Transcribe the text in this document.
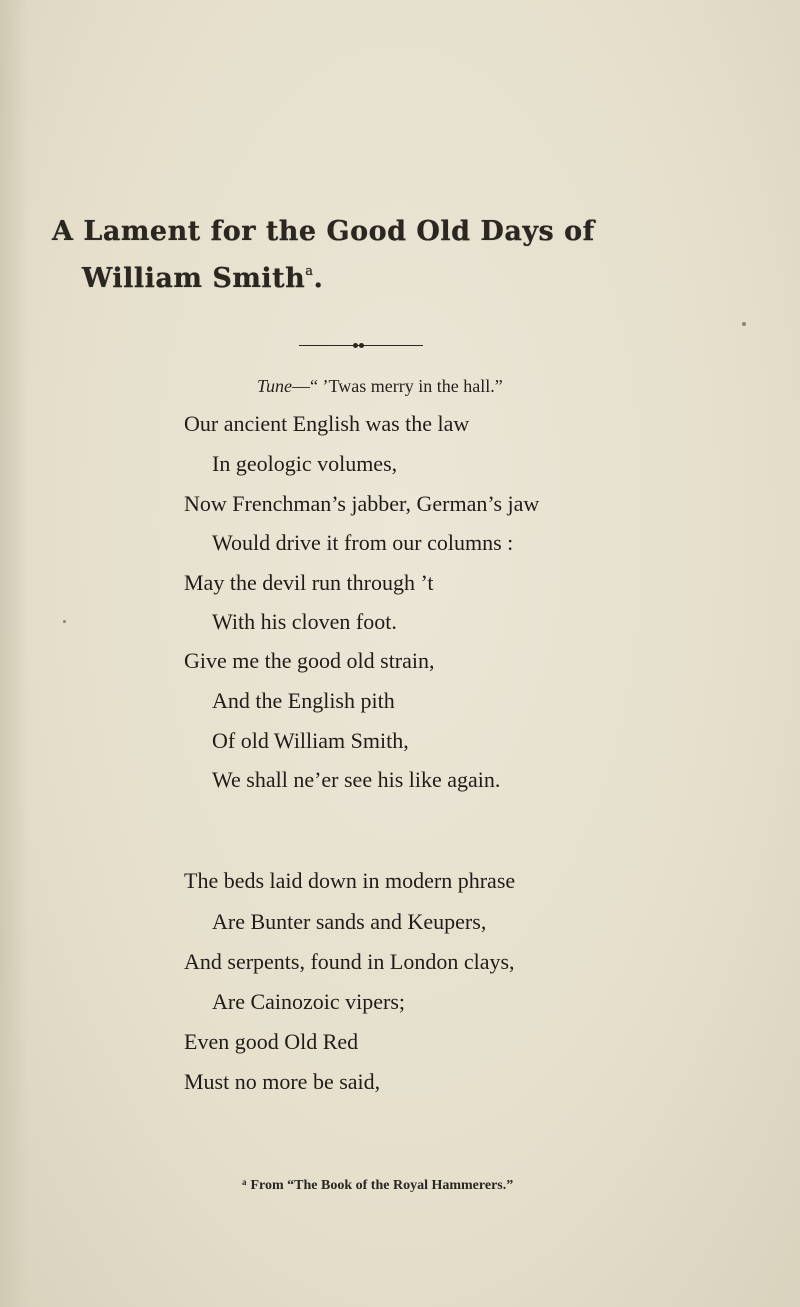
A Lament for the Good Old Days of
William Smith$^a$.
Tune—“ ’Twas merry in the hall.”
Our ancient English was the law
In geologic volumes,
Now Frenchman’s jabber, German’s jaw
Would drive it from our columns :
May the devil run through ’t
With his cloven foot.
Give me the good old strain,
And the English pith
Of old William Smith,
We shall ne’er see his like again.
The beds laid down in modern phrase
Are Bunter sands and Keupers,
And serpents, found in London clays,
Are Cainozoic vipers;
Even good Old Red
Must no more be said,
$^a$ From “The Book of the Royal Hammerers.”
